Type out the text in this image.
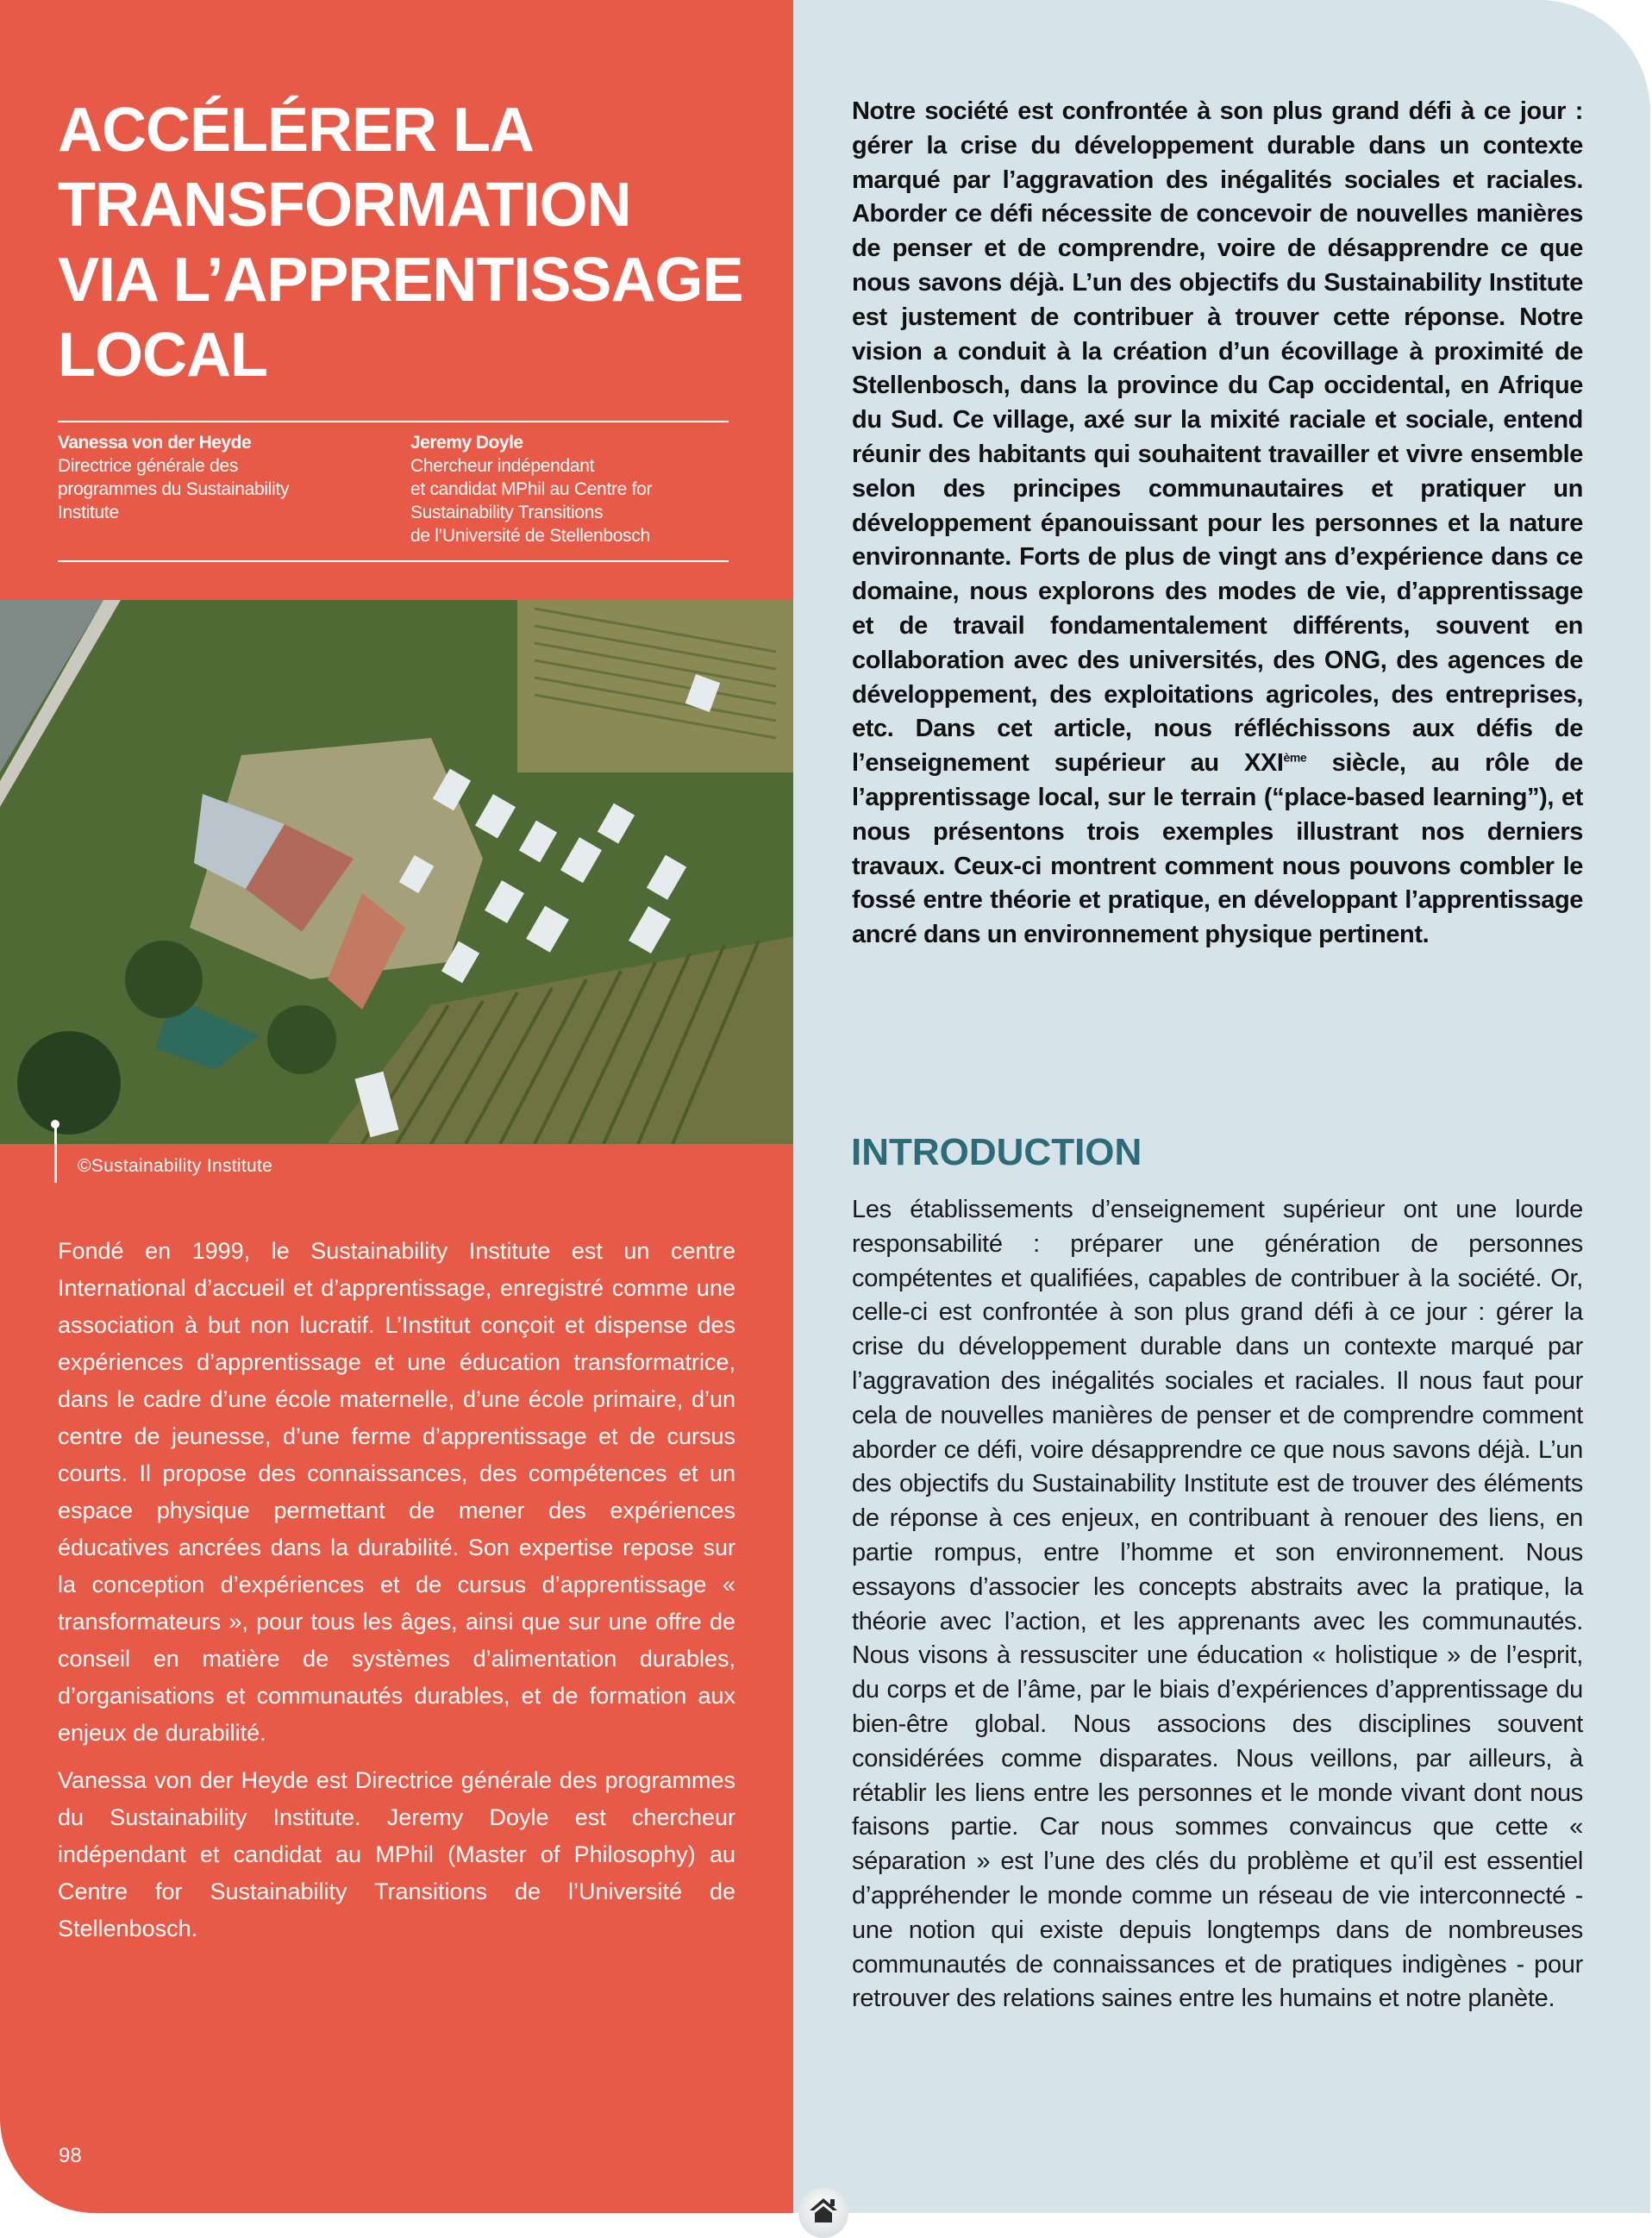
ACCÉLÉRER LA
TRANSFORMATION
VIA L’APPRENTISSAGE
LOCAL
Vanessa von der Heyde
Directrice générale des
programmes du Sustainability
Institute
Jeremy Doyle
Chercheur indépendant
et candidat MPhil au Centre for
Sustainability Transitions
de l’Université de Stellenbosch
©Sustainability Institute

Fondé en 1999, le Sustainability Institute est un centre International d’accueil et d’apprentissage, enregistré comme une association à but non lucratif. L’Institut conçoit et dispense des expériences d’apprentissage et une éducation transformatrice, dans le cadre d’une école maternelle, d’une école primaire, d’un centre de jeunesse, d’une ferme d’apprentissage et de cursus courts. Il propose des connaissances, des compétences et un espace physique permettant de mener des expériences éducatives ancrées dans la durabilité. Son expertise repose sur la conception d’expériences et de cursus d’apprentissage « transformateurs », pour tous les âges, ainsi que sur une offre de conseil en matière de systèmes d’alimentation durables, d’organisations et communautés durables, et de formation aux enjeux de durabilité.

Vanessa von der Heyde est Directrice générale des programmes du Sustainability Institute. Jeremy Doyle est chercheur indépendant et candidat au MPhil (Master of Philosophy) au Centre for Sustainability Transitions de l’Université de Stellenbosch.

98

Notre société est confrontée à son plus grand défi à ce jour : gérer la crise du développement durable dans un contexte marqué par l’aggravation des inégalités sociales et raciales. Aborder ce défi nécessite de concevoir de nouvelles manières de penser et de comprendre, voire de désapprendre ce que nous savons déjà. L’un des objectifs du Sustainability Institute est justement de contribuer à trouver cette réponse. Notre vision a conduit à la création d’un écovillage à proximité de Stellenbosch, dans la province du Cap occidental, en Afrique du Sud. Ce village, axé sur la mixité raciale et sociale, entend réunir des habitants qui souhaitent travailler et vivre ensemble selon des principes communautaires et pratiquer un développement épanouissant pour les personnes et la nature environnante. Forts de plus de vingt ans d’expérience dans ce domaine, nous explorons des modes de vie, d’apprentissage et de travail fondamentalement différents, souvent en collaboration avec des universités, des ONG, des agences de développement, des exploitations agricoles, des entreprises, etc. Dans cet article, nous réfléchissons aux défis de l’enseignement supérieur au XXIème siècle, au rôle de l’apprentissage local, sur le terrain (“place-based learning”), et nous présentons trois exemples illustrant nos derniers travaux. Ceux-ci montrent comment nous pouvons combler le fossé entre théorie et pratique, en développant l’apprentissage ancré dans un environnement physique pertinent.

INTRODUCTION

Les établissements d’enseignement supérieur ont une lourde responsabilité : préparer une génération de personnes compétentes et qualifiées, capables de contribuer à la société. Or, celle-ci est confrontée à son plus grand défi à ce jour : gérer la crise du développement durable dans un contexte marqué par l’aggravation des inégalités sociales et raciales. Il nous faut pour cela de nouvelles manières de penser et de comprendre comment aborder ce défi, voire désapprendre ce que nous savons déjà. L’un des objectifs du Sustainability Institute est de trouver des éléments de réponse à ces enjeux, en contribuant à renouer des liens, en partie rompus, entre l’homme et son environnement. Nous essayons d’associer les concepts abstraits avec la pratique, la théorie avec l’action, et les apprenants avec les communautés. Nous visons à ressusciter une éducation « holistique » de l’esprit, du corps et de l’âme, par le biais d’expériences d’apprentissage du bien-être global. Nous associons des disciplines souvent considérées comme disparates. Nous veillons, par ailleurs, à rétablir les liens entre les personnes et le monde vivant dont nous faisons partie. Car nous sommes convaincus que cette « séparation » est l’une des clés du problème et qu’il est essentiel d’appréhender le monde comme un réseau de vie interconnecté - une notion qui existe depuis longtemps dans de nombreuses communautés de connaissances et de pratiques indigènes - pour retrouver des relations saines entre les humains et notre planète.
